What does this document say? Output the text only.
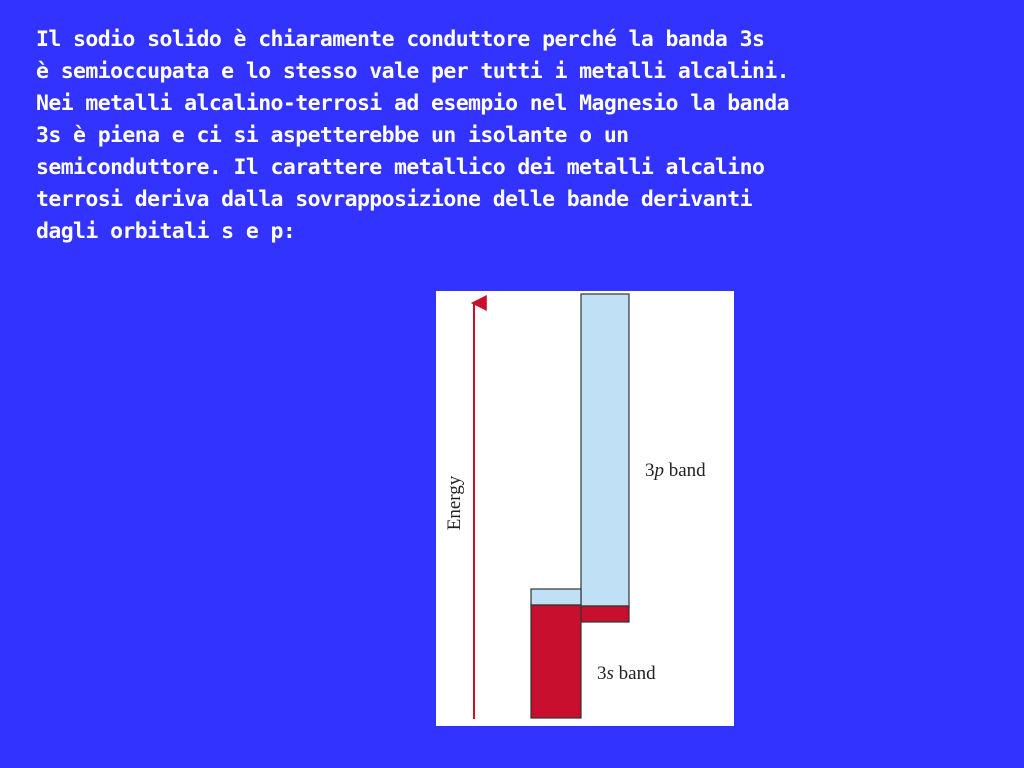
Il sodio solido è chiaramente conduttore perché la banda 3s
è semioccupata e lo stesso vale per tutti i metalli alcalini.
Nei metalli alcalino-terrosi ad esempio nel Magnesio la banda
3s è piena e ci si aspetterebbe un isolante o un
semiconduttore. Il carattere metallico dei metalli alcalino
terrosi deriva dalla sovrapposizione delle bande derivanti
dagli orbitali s e p:
Energy
3p band
3s band
